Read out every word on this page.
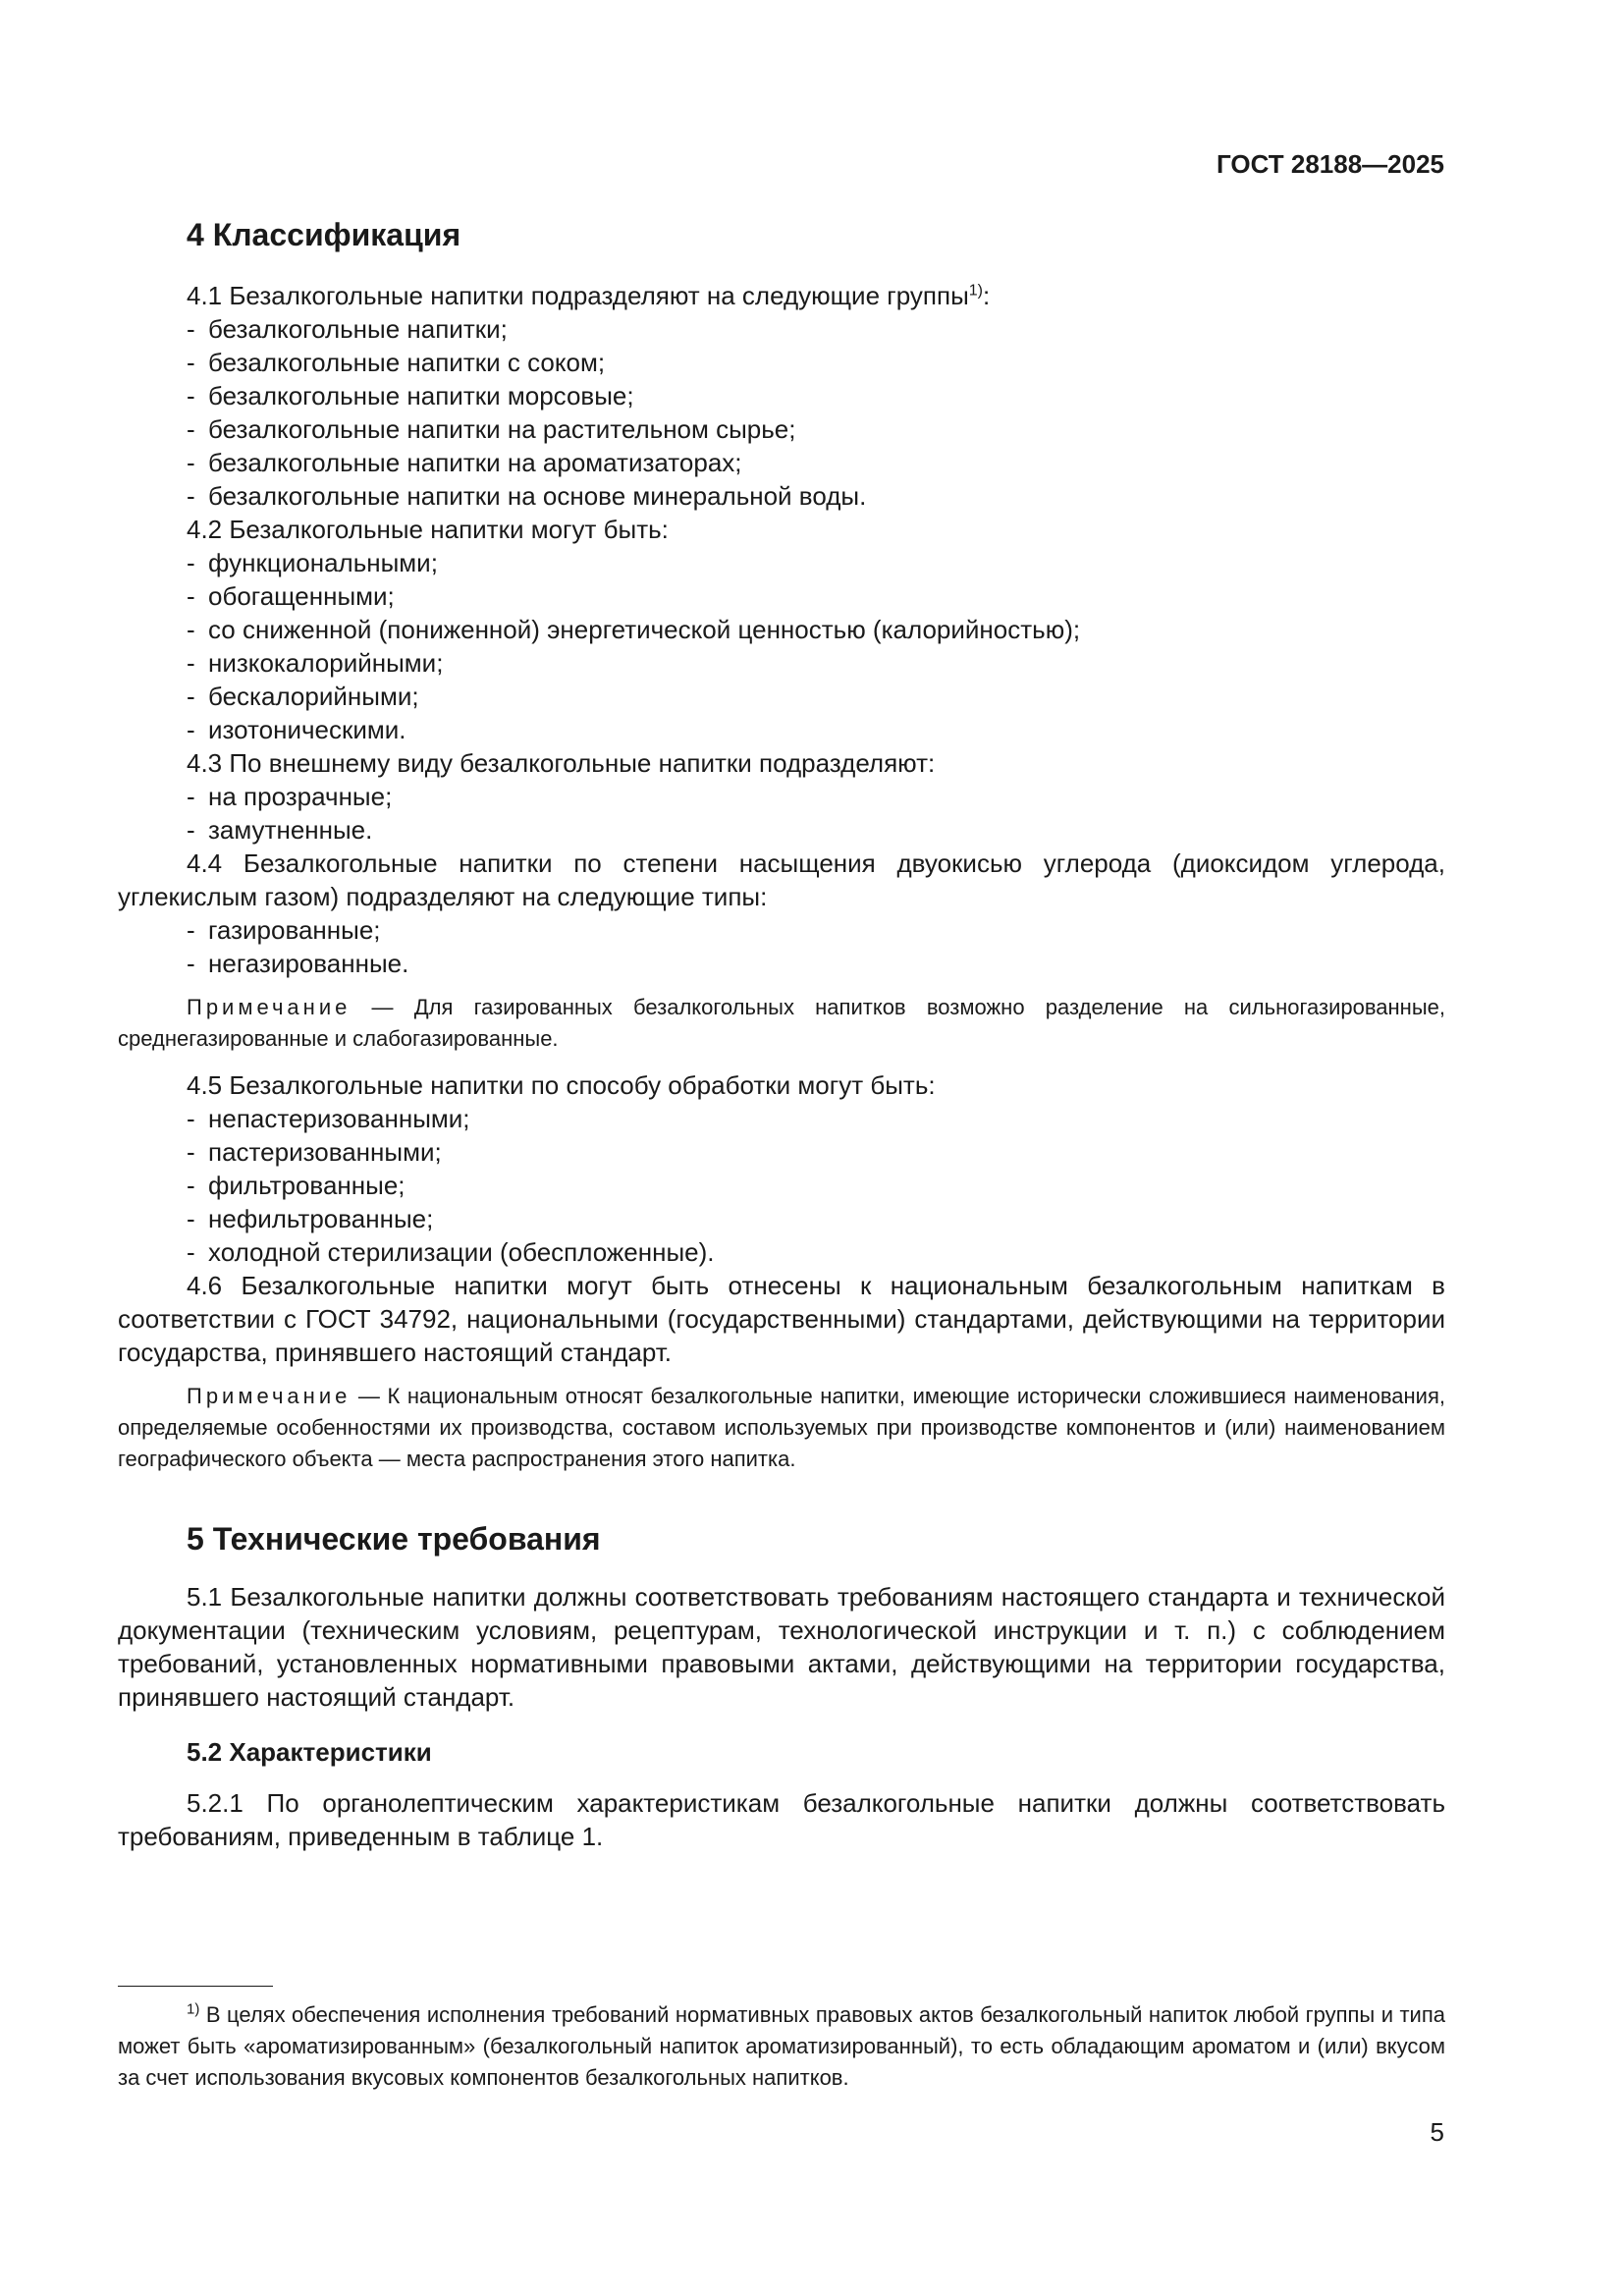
ГОСТ 28188—2025
4 Классификация

4.1 Безалкогольные напитки подразделяют на следующие группы$^{1)}$:

- безалкогольные напитки;
- безалкогольные напитки с соком;
- безалкогольные напитки морсовые;
- безалкогольные напитки на растительном сырье;
- безалкогольные напитки на ароматизаторах;
- безалкогольные напитки на основе минеральной воды.

4.2 Безалкогольные напитки могут быть:

- функциональными;
- обогащенными;
- со сниженной (пониженной) энергетической ценностью (калорийностью);
- низкокалорийными;
- бескалорийными;
- изотоническими.

4.3 По внешнему виду безалкогольные напитки подразделяют:

- на прозрачные;
- замутненные.

4.4 Безалкогольные напитки по степени насыщения двуокисью углерода (диоксидом углерода, углекислым газом) подразделяют на следующие типы:

- газированные;
- негазированные.

Примечание — Для газированных безалкогольных напитков возможно разделение на сильногазированные, среднегазированные и слабогазированные.

4.5 Безалкогольные напитки по способу обработки могут быть:

- непастеризованными;
- пастеризованными;
- фильтрованные;
- нефильтрованные;
- холодной стерилизации (обеспложенные).

4.6 Безалкогольные напитки могут быть отнесены к национальным безалкогольным напиткам в соответствии с ГОСТ 34792, национальными (государственными) стандартами, действующими на территории государства, принявшего настоящий стандарт.

Примечание — К национальным относят безалкогольные напитки, имеющие исторически сложившиеся наименования, определяемые особенностями их производства, составом используемых при производстве компонентов и (или) наименованием географического объекта — места распространения этого напитка.

5 Технические требования

5.1 Безалкогольные напитки должны соответствовать требованиям настоящего стандарта и технической документации (техническим условиям, рецептурам, технологической инструкции и т. п.) с соблюдением требований, установленных нормативными правовыми актами, действующими на территории государства, принявшего настоящий стандарт.

5.2 Характеристики

5.2.1 По органолептическим характеристикам безалкогольные напитки должны соответствовать требованиям, приведенным в таблице 1.

$^{1)}$ В целях обеспечения исполнения требований нормативных правовых актов безалкогольный напиток любой группы и типа может быть «ароматизированным» (безалкогольный напиток ароматизированный), то есть обладающим ароматом и (или) вкусом за счет использования вкусовых компонентов безалкогольных напитков.

5
